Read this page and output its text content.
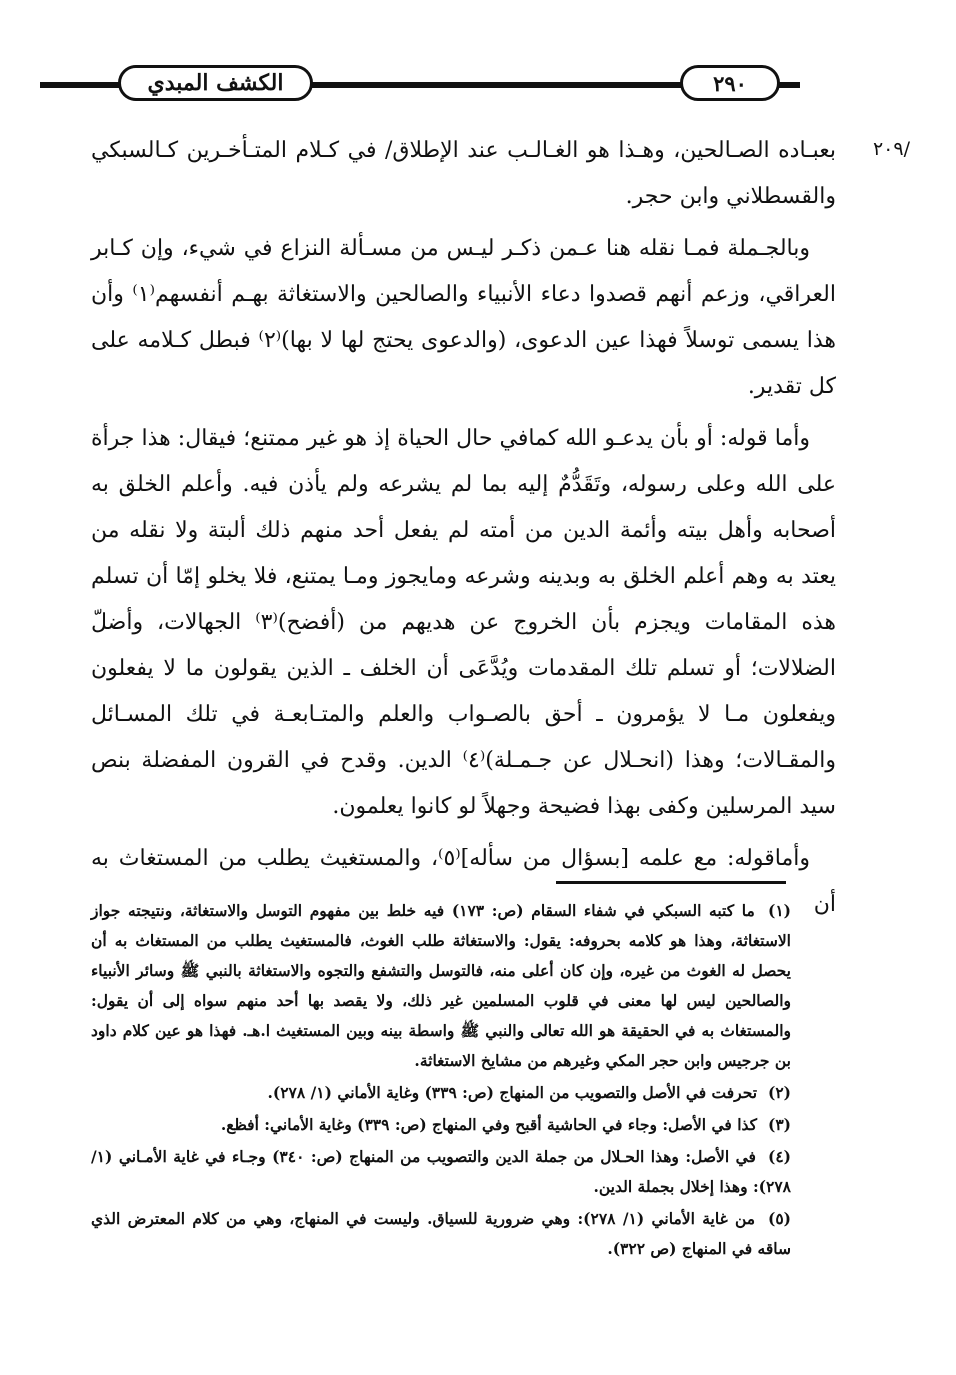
الكشف المبدي	٢٩٠
٢٠٩/

بعبـاده الصـالحين، وهـذا هو الغـالـب عند الإطلاق/ في كـلام المتـأخـرين كـالسبكي والقسطلاني وابن حجر.

وبالجـملة فمـا نقله هنا عـمن ذكـر ليـس من مسـألة النزاع في شيء، وإن كـابر العراقي، وزعم أنهم قصدوا دعاء الأنبياء والصالحين والاستغاثة بهـم أنفسهم⁽١⁾ وأن هذا يسمى توسلاً فهذا عين الدعوى، (والدعوى يحتج لها لا بها)⁽٢⁾ فبطل كـلامه على كل تقدير.

وأما قوله: أو بأن يدعـو الله كمافي حال الحياة إذ هو غير ممتنع؛ فيقال: هذا جرأة على الله وعلى رسوله، وتَقَدُّمٌ إليه بما لم يشرعه ولم يأذن فيه. وأعلم الخلق به أصحابه وأهل بيته وأئمة الدين من أمته لم يفعل أحد منهم ذلك ألبتة ولا نقله من يعتد به وهم أعلم الخلق به وبدينه وشرعه ومايجوز ومـا يمتنع، فلا يخلو إمّا أن تسلم هذه المقامات ويجزم بأن الخروج عن هديهم من (أفضح)⁽٣⁾ الجهالات، وأضلّ الضلالات؛ أو تسلم تلك المقدمات ويُدَّعَى أن الخلف ـ الذين يقولون ما لا يفعلون ويفعلون مـا لا يؤمرون ـ أحق بالصـواب والعلم والمتـابعـة في تلك المسـائل والمقـالات؛ وهذا (انحـلال عن جـمـلة)⁽٤⁾ الدين. وقدح في القرون المفضلة بنص سيد المرسلين وكفى بهذا فضيحة وجهلاً لو كانوا يعلمون.

وأماقوله: مع علمه [بسؤال من سأله]⁽٥⁾، والمستغيث يطلب من المستغاث به أن

(١) ما كتبه السبكي في شفاء السقام (ص: ١٧٣) فيه خلط بين مفهوم التوسل والاستغاثة، ونتيجته جواز الاستغاثة، وهذا هو كلامه بحروفه: يقول: والاستغاثة طلب الغوث، فالمستغيث يطلب من المستغاث به أن يحصل له الغوث من غيره، وإن كان أعلى منه، فالتوسل والتشفع والتجوه والاستغاثة بالنبي ﷺ وسائر الأنبياء والصالحين ليس لها معنى في قلوب المسلمين غير ذلك، ولا يقصد بها أحد منهم سواه إلى أن يقول: والمستغاث به في الحقيقة هو الله تعالى والنبي ﷺ واسطة بينه وبين المستغيث ا.هـ. فهذا هو عين كلام داود بن جرجيس وابن حجر المكي وغيرهم من مشايخ الاستغاثة.
(٢) تحرفت في الأصل والتصويب من المنهاج (ص: ٣٣٩) وغاية الأماني (١/ ٢٧٨).
(٣) كذا في الأصل: وجاء في الحاشية أقبح وفي المنهاج (ص: ٣٣٩) وغاية الأماني: أفظع.
(٤) في الأصل: وهذا الحـلال من جملة الدين والتصويب من المنهاج (ص: ٣٤٠) وجـاء في غاية الأمـاني (١/ ٢٧٨): وهذا إخلال بجملة الدين.
(٥) من غاية الأماني (١/ ٢٧٨): وهي ضرورية للسياق. وليست في المنهاج، وهي من كلام المعترض الذي ساقه في المنهاج (ص ٣٢٢).
